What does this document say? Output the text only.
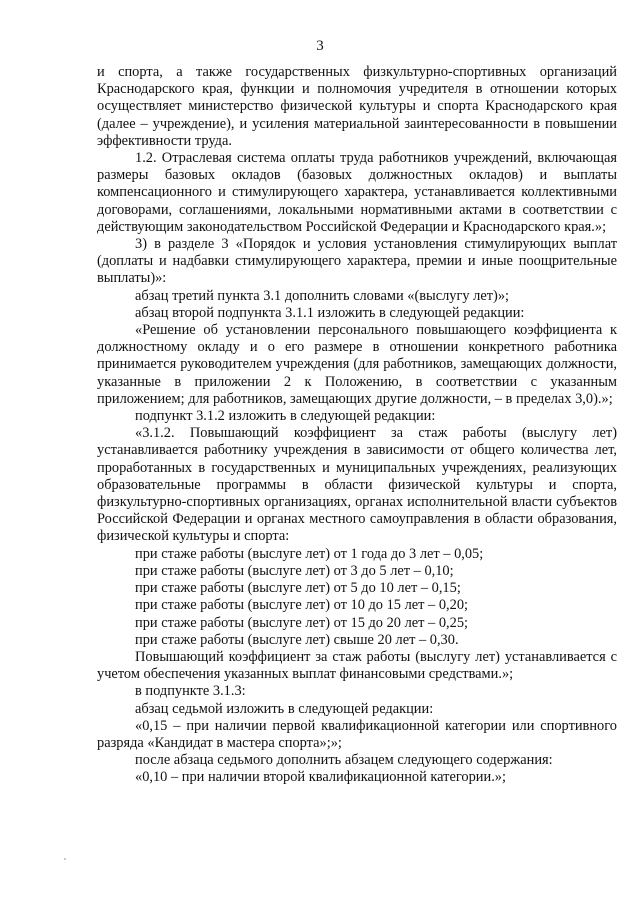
3

и спорта, а также государственных физкультурно-спортивных организаций Краснодарского края, функции и полномочия учредителя в отношении которых осуществляет министерство физической культуры и спорта Краснодарского края (далее – учреждение), и усиления материальной заинтересованности в повышении эффективности труда.

1.2. Отраслевая система оплаты труда работников учреждений, включающая размеры базовых окладов (базовых должностных окладов) и выплаты компенсационного и стимулирующего характера, устанавливается коллективными договорами, соглашениями, локальными нормативными актами в соответствии с действующим законодательством Российской Федерации и Краснодарского края.»;

3) в разделе 3 «Порядок и условия установления стимулирующих выплат (доплаты и надбавки стимулирующего характера, премии и иные поощрительные выплаты)»:

абзац третий пункта 3.1 дополнить словами «(выслугу лет)»;

абзац второй подпункта 3.1.1 изложить в следующей редакции:

«Решение об установлении персонального повышающего коэффициента к должностному окладу и о его размере в отношении конкретного работника принимается руководителем учреждения (для работников, замещающих должности, указанные в приложении 2 к Положению, в соответствии с указанным приложением; для работников, замещающих другие должности, – в пределах 3,0).»;

подпункт 3.1.2 изложить в следующей редакции:

«3.1.2. Повышающий коэффициент за стаж работы (выслугу лет) устанавливается работнику учреждения в зависимости от общего количества лет, проработанных в государственных и муниципальных учреждениях, реализующих образовательные программы в области физической культуры и спорта, физкультурно-спортивных организациях, органах исполнительной власти субъектов Российской Федерации и органах местного самоуправления в области образования, физической культуры и спорта:

при стаже работы (выслуге лет) от 1 года до 3 лет – 0,05;

при стаже работы (выслуге лет) от 3 до 5 лет – 0,10;

при стаже работы (выслуге лет) от 5 до 10 лет – 0,15;

при стаже работы (выслуге лет) от 10 до 15 лет – 0,20;

при стаже работы (выслуге лет) от 15 до 20 лет – 0,25;

при стаже работы (выслуге лет) свыше 20 лет – 0,30.

Повышающий коэффициент за стаж работы (выслугу лет) устанавливается с учетом обеспечения указанных выплат финансовыми средствами.»;

в подпункте 3.1.3:

абзац седьмой изложить в следующей редакции:

«0,15 – при наличии первой квалификационной категории или спортивного разряда «Кандидат в мастера спорта»;»;

после абзаца седьмого дополнить абзацем следующего содержания:

«0,10 – при наличии второй квалификационной категории.»;
